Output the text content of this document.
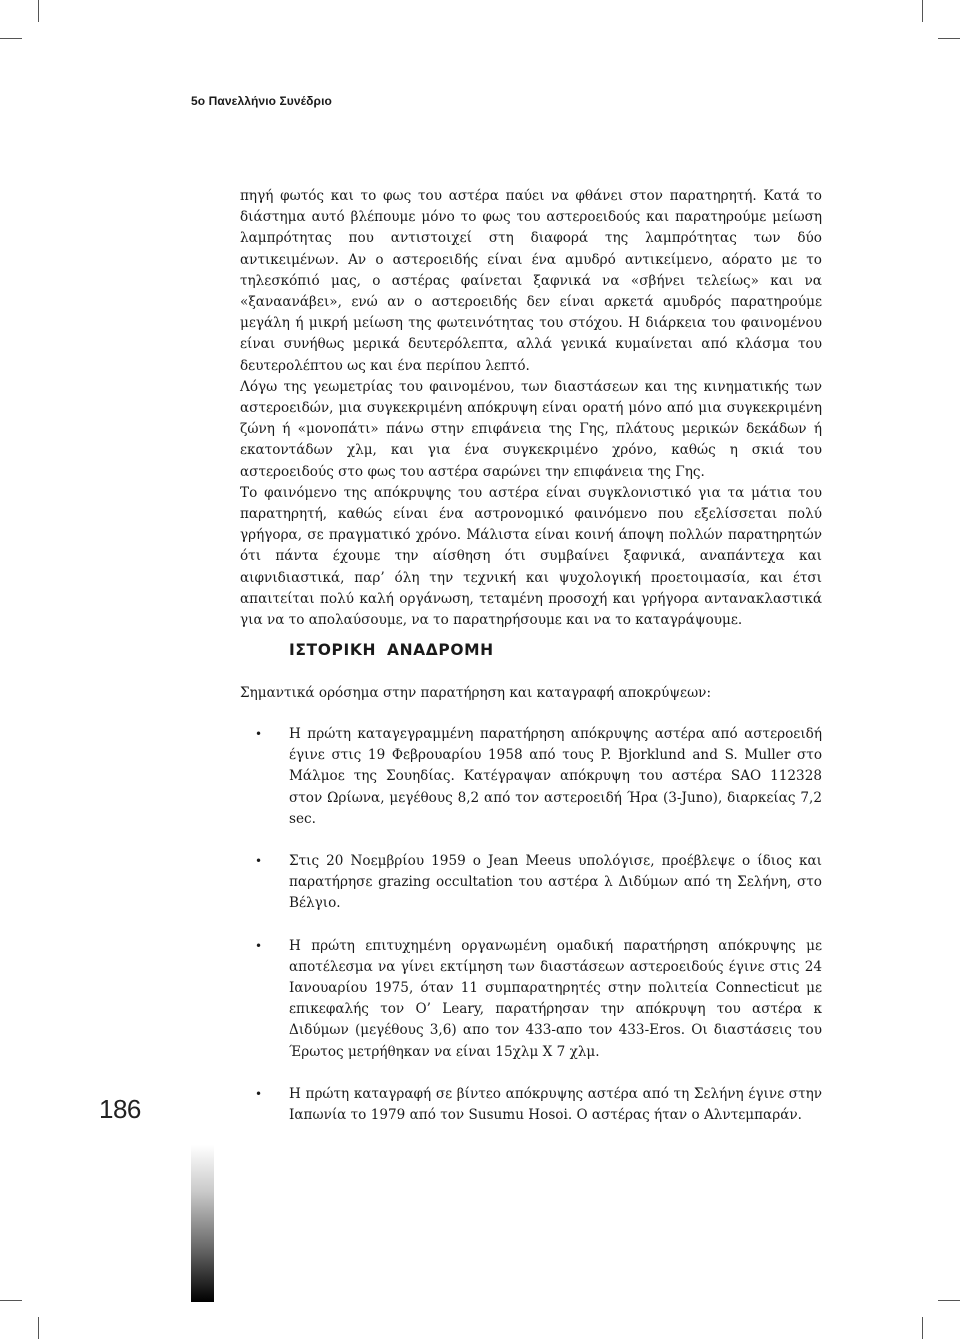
5ο Πανελλήνιο Συνέδριο

πηγή φωτός και το φως του αστέρα παύει να φθάνει στον παρατηρητή. Κατά το διάστημα αυτό βλέπουμε μόνο το φως του αστεροειδούς και παρατηρούμε μείωση λαμπρότητας που αντιστοιχεί στη διαφορά της λαμπρότητας των δύο αντικειμένων. Αν ο αστεροειδής είναι ένα αμυδρό αντικείμενο, αόρατο με το τηλεσκόπιό μας, ο αστέρας φαίνεται ξαφνικά να «σβήνει τελείως» και να «ξαναανάβει», ενώ αν ο αστεροειδής δεν είναι αρκετά αμυδρός παρατηρούμε μεγάλη ή μικρή μείωση της φωτεινότητας του στόχου. Η διάρκεια του φαινομένου είναι συνήθως μερικά δευτερόλεπτα, αλλά γενικά κυμαίνεται από κλάσμα του δευτερολέπτου ως και ένα περίπου λεπτό.

Λόγω της γεωμετρίας του φαινομένου, των διαστάσεων και της κινηματικής των αστεροειδών, μια συγκεκριμένη απόκρυψη είναι ορατή μόνο από μια συγκεκριμένη ζώνη ή «μονοπάτι» πάνω στην επιφάνεια της Γης, πλάτους μερικών δεκάδων ή εκατοντάδων χλμ, και για ένα συγκεκριμένο χρόνο, καθώς η σκιά του αστεροειδούς στο φως του αστέρα σαρώνει την επιφάνεια της Γης.

Το φαινόμενο της απόκρυψης του αστέρα είναι συγκλονιστικό για τα μάτια του παρατηρητή, καθώς είναι ένα αστρονομικό φαινόμενο που εξελίσσεται πολύ γρήγορα, σε πραγματικό χρόνο. Μάλιστα είναι κοινή άποψη πολλών παρατηρητών ότι πάντα έχουμε την αίσθηση ότι συμβαίνει ξαφνικά, αναπάντεχα και αιφνιδιαστικά, παρ’ όλη την τεχνική και ψυχολογική προετοιμασία, και έτσι απαιτείται πολύ καλή οργάνωση, τεταμένη προσοχή και γρήγορα αντανακλαστικά για να το απολαύσουμε, να το παρατηρήσουμε και να το καταγράψουμε.

ΙΣΤΟΡΙΚΗ ΑΝΑΔΡΟΜΗ
Σημαντικά ορόσημα στην παρατήρηση και καταγραφή αποκρύψεων:
• Η πρώτη καταγεγραμμένη παρατήρηση απόκρυψης αστέρα από αστεροειδή έγινε στις 19 Φεβρουαρίου 1958 από τους P. Bjorklund and S. Muller στο Μάλμοε της Σουηδίας. Κατέγραψαν απόκρυψη του αστέρα SAO 112328 στον Ωρίωνα, μεγέθους 8,2 από τον αστεροειδή Ήρα (3-Juno), διαρκείας 7,2 sec.
• Στις 20 Νοεμβρίου 1959 ο Jean Meeus υπολόγισε, προέβλεψε ο ίδιος και παρατήρησε grazing occultation του αστέρα λ Διδύμων από τη Σελήνη, στο Βέλγιο.
• Η πρώτη επιτυχημένη οργανωμένη ομαδική παρατήρηση απόκρυψης με αποτέλεσμα να γίνει εκτίμηση των διαστάσεων αστεροειδούς έγινε στις 24 Ιανουαρίου 1975, όταν 11 συμπαρατηρητές στην πολιτεία Connecticut με επικεφαλής τον O’ Leary, παρατήρησαν την απόκρυψη του αστέρα κ Διδύμων (μεγέθους 3,6) απο τον 433-απο τον 433-Eros. Οι διαστάσεις του Έρωτος μετρήθηκαν να είναι 15χλμ Χ 7 χλμ.
• Η πρώτη καταγραφή σε βίντεο απόκρυψης αστέρα από τη Σελήνη έγινε στην Ιαπωνία το 1979 από τον Susumu Hosoi. Ο αστέρας ήταν ο Αλντεμπαράν.
186
